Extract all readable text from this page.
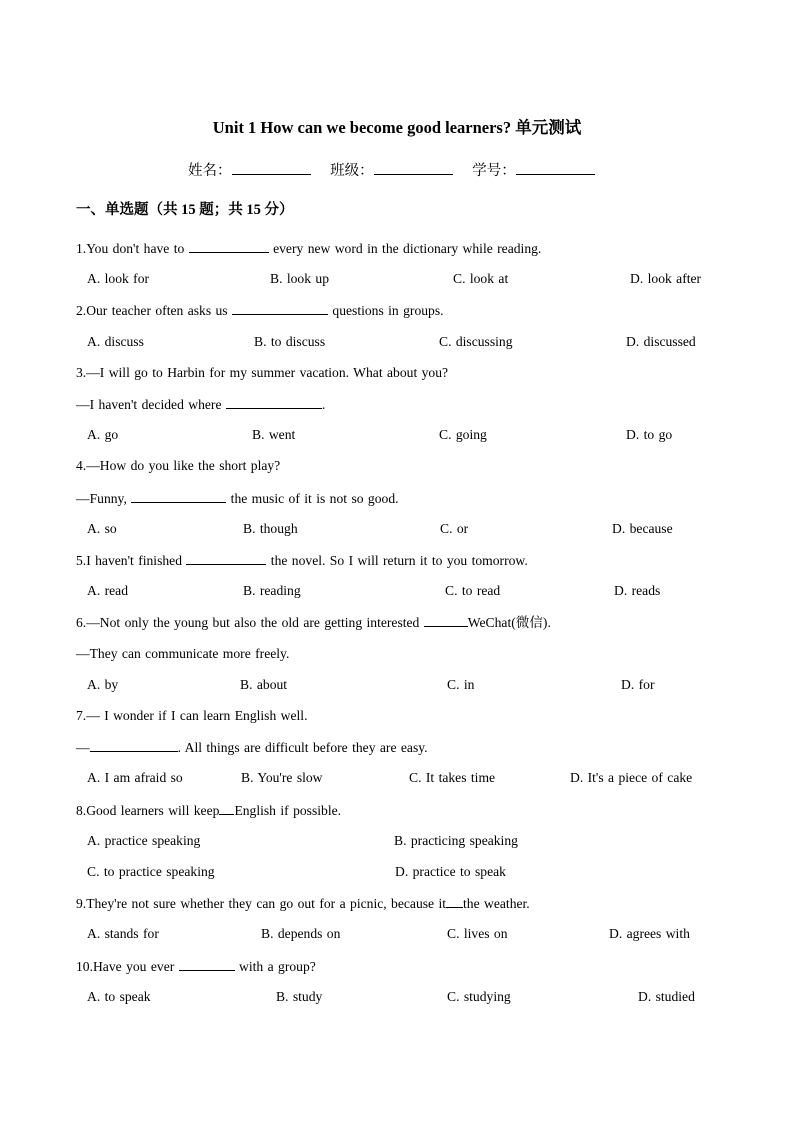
Unit 1 How can we become good learners? 单元测试
姓名：	班级：	学号：
一、单选题（共 15 题；共 15 分）
1.You don't have to	every new word in the dictionary while reading.
A. look for	B. look up	C. look at	D. look after
2.Our teacher often asks us	questions in groups.
A. discuss	B. to discuss	C. discussing	D. discussed
3.—I will go to Harbin for my summer vacation. What about you?
—I haven't decided where	.
A. go	B. went	C. going	D. to go
4.—How do you like the short play?
—Funny,	the music of it is not so good.
A. so	B. though	C. or	D. because
5.I haven't finished	the novel. So I will return it to you tomorrow.
A. read	B. reading	C. to read	D. reads
6.—Not only the young but also the old are getting interested	WeChat(微信).
—They can communicate more freely.
A. by	B. about	C. in	D. for
7.— I wonder if I can learn English well.
—	. All things are difficult before they are easy.
A. I am afraid so	B. You're slow	C. It takes time	D. It's a piece of cake
8.Good learners will keep English if possible.
A. practice speaking	B. practicing speaking
C. to practice speaking	D. practice to speak
9.They're not sure whether they can go out for a picnic, because it the weather.
A. stands for	B. depends on	C. lives on	D. agrees with
10.Have you ever	with a group?
A. to speak	B. study	C. studying	D. studied
